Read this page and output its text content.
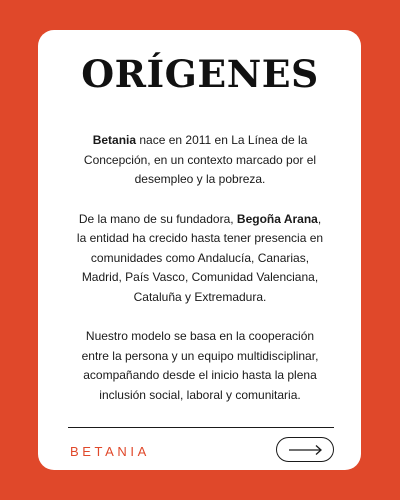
ORÍGENES

Betania nace en 2011 en La Línea de la
Concepción, en un contexto marcado por el
desempleo y la pobreza.

De la mano de su fundadora, Begoña Arana,
la entidad ha crecido hasta tener presencia en
comunidades como Andalucía, Canarias,
Madrid, País Vasco, Comunidad Valenciana,
Cataluña y Extremadura.

Nuestro modelo se basa en la cooperación
entre la persona y un equipo multidisciplinar,
acompañando desde el inicio hasta la plena
inclusión social, laboral y comunitaria.

BETANIA
